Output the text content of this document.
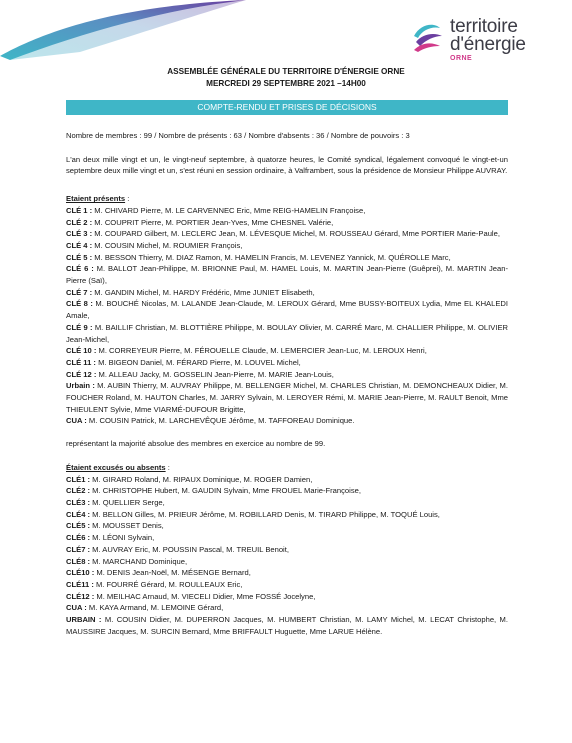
territoire
d'énergie
ORNE
ASSEMBLÉE GÉNÉRALE DU TERRITOIRE D'ÉNERGIE ORNE
MERCREDI 29 SEPTEMBRE 2021 –14H00
COMPTE-RENDU ET PRISES DE DÉCISIONS

Nombre de membres : 99 / Nombre de présents : 63 / Nombre d'absents : 36 / Nombre de pouvoirs : 3

L'an deux mille vingt et un, le vingt-neuf septembre, à quatorze heures, le Comité syndical, légalement convoqué le vingt-et-un septembre deux mille vingt et un, s'est réuni en session ordinaire, à Valframbert, sous la présidence de Monsieur Philippe AUVRAY.

Etaient présents :

CLÉ 1 : M. CHIVARD Pierre, M. LE CARVENNEC Eric, Mme REIG-HAMELIN Françoise,

CLÉ 2 : M. COUPRIT Pierre, M. PORTIER Jean-Yves, Mme CHESNEL Valérie,

CLÉ 3 : M. COUPARD Gilbert, M. LECLERC Jean, M. LÉVESQUE Michel, M. ROUSSEAU Gérard, Mme PORTIER Marie-Paule,

CLÉ 4 : M. COUSIN Michel, M. ROUMIER François,

CLÉ 5 : M. BESSON Thierry, M. DIAZ Ramon, M. HAMELIN Francis, M. LEVENEZ Yannick, M. QUÉROLLE Marc,

CLÉ 6 : M. BALLOT Jean-Philippe, M. BRIONNE Paul, M. HAMEL Louis, M. MARTIN Jean-Pierre (Guêprei), M. MARTIN Jean-Pierre (Saï),

CLÉ 7 : M. GANDIN Michel, M. HARDY Frédéric, Mme JUNIET Elisabeth,

CLÉ 8 : M. BOUCHÉ Nicolas, M. LALANDE Jean-Claude, M. LEROUX Gérard, Mme BUSSY-BOITEUX Lydia, Mme EL KHALEDI Amale,

CLÉ 9 : M. BAILLIF Christian, M. BLOTTIÈRE Philippe, M. BOULAY Olivier, M. CARRÉ Marc, M. CHALLIER Philippe, M. OLIVIER Jean-Michel,

CLÉ 10 : M. CORREYEUR Pierre, M. FÉROUELLE Claude, M. LEMERCIER Jean-Luc, M. LEROUX Henri,

CLÉ 11 : M. BIGEON Daniel, M. FÉRARD Pierre, M. LOUVEL Michel,

CLÉ 12 : M. ALLEAU Jacky, M. GOSSELIN Jean-Pierre, M. MARIE Jean-Louis,

Urbain : M. AUBIN Thierry, M. AUVRAY Philippe, M. BELLENGER Michel, M. CHARLES Christian, M. DEMONCHEAUX Didier, M. FOUCHER Roland, M. HAUTON Charles, M. JARRY Sylvain, M. LEROYER Rémi, M. MARIE Jean-Pierre, M. RAULT Benoit, Mme THIEULENT Sylvie, Mme VIARMÉ-DUFOUR Brigitte,

CUA : M. COUSIN Patrick, M. LARCHEVÊQUE Jérôme, M. TAFFOREAU Dominique.

représentant la majorité absolue des membres en exercice au nombre de 99.

Étaient excusés ou absents :

CLÉ1 : M. GIRARD Roland, M. RIPAUX Dominique, M. ROGER Damien,

CLÉ2 : M. CHRISTOPHE Hubert, M. GAUDIN Sylvain, Mme FROUEL Marie-Françoise,

CLÉ3 : M. QUELLIER Serge,

CLÉ4 : M. BELLON Gilles, M. PRIEUR Jérôme, M. ROBILLARD Denis, M. TIRARD Philippe, M. TOQUÉ Louis,

CLÉ5 : M. MOUSSET Denis,

CLÉ6 : M. LÉONI Sylvain,

CLÉ7 : M. AUVRAY Eric, M. POUSSIN Pascal, M. TREUIL Benoit,

CLÉ8 : M. MARCHAND Dominique,

CLÉ10 : M. DENIS Jean-Noël, M. MÉSENGE Bernard,

CLÉ11 : M. FOURRÉ Gérard, M. ROULLEAUX Eric,

CLÉ12 : M. MEILHAC Arnaud, M. VIECELI Didier, Mme FOSSÉ Jocelyne,

CUA : M. KAYA Armand, M. LEMOINE Gérard,

URBAIN : M. COUSIN Didier, M. DUPERRON Jacques, M. HUMBERT Christian, M. LAMY Michel, M. LECAT Christophe, M. MAUSSIRE Jacques, M. SURCIN Bernard, Mme BRIFFAULT Huguette, Mme LARUE Hélène.
